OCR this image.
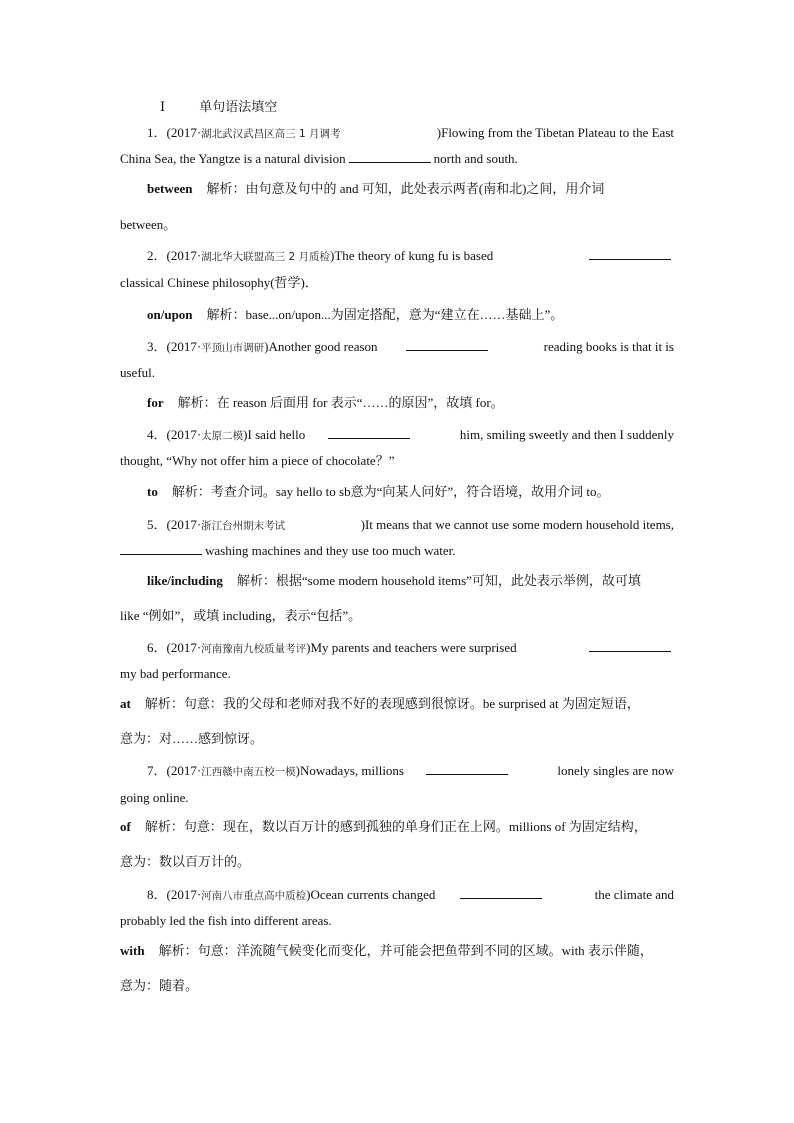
Ⅰ	单句语法填空
1．(2017·湖北武汉武昌区高三 1 月调考	)Flowing from the Tibetan Plateau to the East
China Sea, the Yangtze is a natural division	north and south.
between 解析：由句意及句中的 and 可知，此处表示两者(南和北)之间，用介词
between。
2．(2017·湖北华大联盟高三 2 月质检)The theory of kung fu is based
classical Chinese philosophy(哲学)．
on/upon 解析：base...on/upon...为固定搭配，意为“建立在……基础上”。
3．(2017·平顶山市调研)Another good reason	reading books is that it is
useful.
for 解析：在 reason 后面用 for 表示“……的原因”，故填 for。
4．(2017·太原二模)I said hello	him, smiling sweetly and then I suddenly
thought, “Why not offer him a piece of chocolate？”
to 解析：考查介词。say hello to sb意为“向某人问好”，符合语境，故用介词 to。
5．(2017·浙江台州期末考试	)It means that we cannot use some modern household items,
washing machines and they use too much water.
like/including 解析：根据“some modern household items”可知，此处表示举例，故可填
like “例如”，或填 including，表示“包括”。
6．(2017·河南豫南九校质量考评)My parents and teachers were surprised
my bad performance.
at 解析：句意：我的父母和老师对我不好的表现感到很惊讶。be surprised at 为固定短语，
意为：对……感到惊讶。
7．(2017·江西赣中南五校一模)Nowadays, millions	lonely singles are now
going online.
of 解析：句意：现在，数以百万计的感到孤独的单身们正在上网。millions of 为固定结构，
意为：数以百万计的。
8．(2017·河南八市重点高中质检)Ocean currents changed	the climate and
probably led the fish into different areas.
with 解析：句意：洋流随气候变化而变化，并可能会把鱼带到不同的区域。with 表示伴随，
意为：随着。
